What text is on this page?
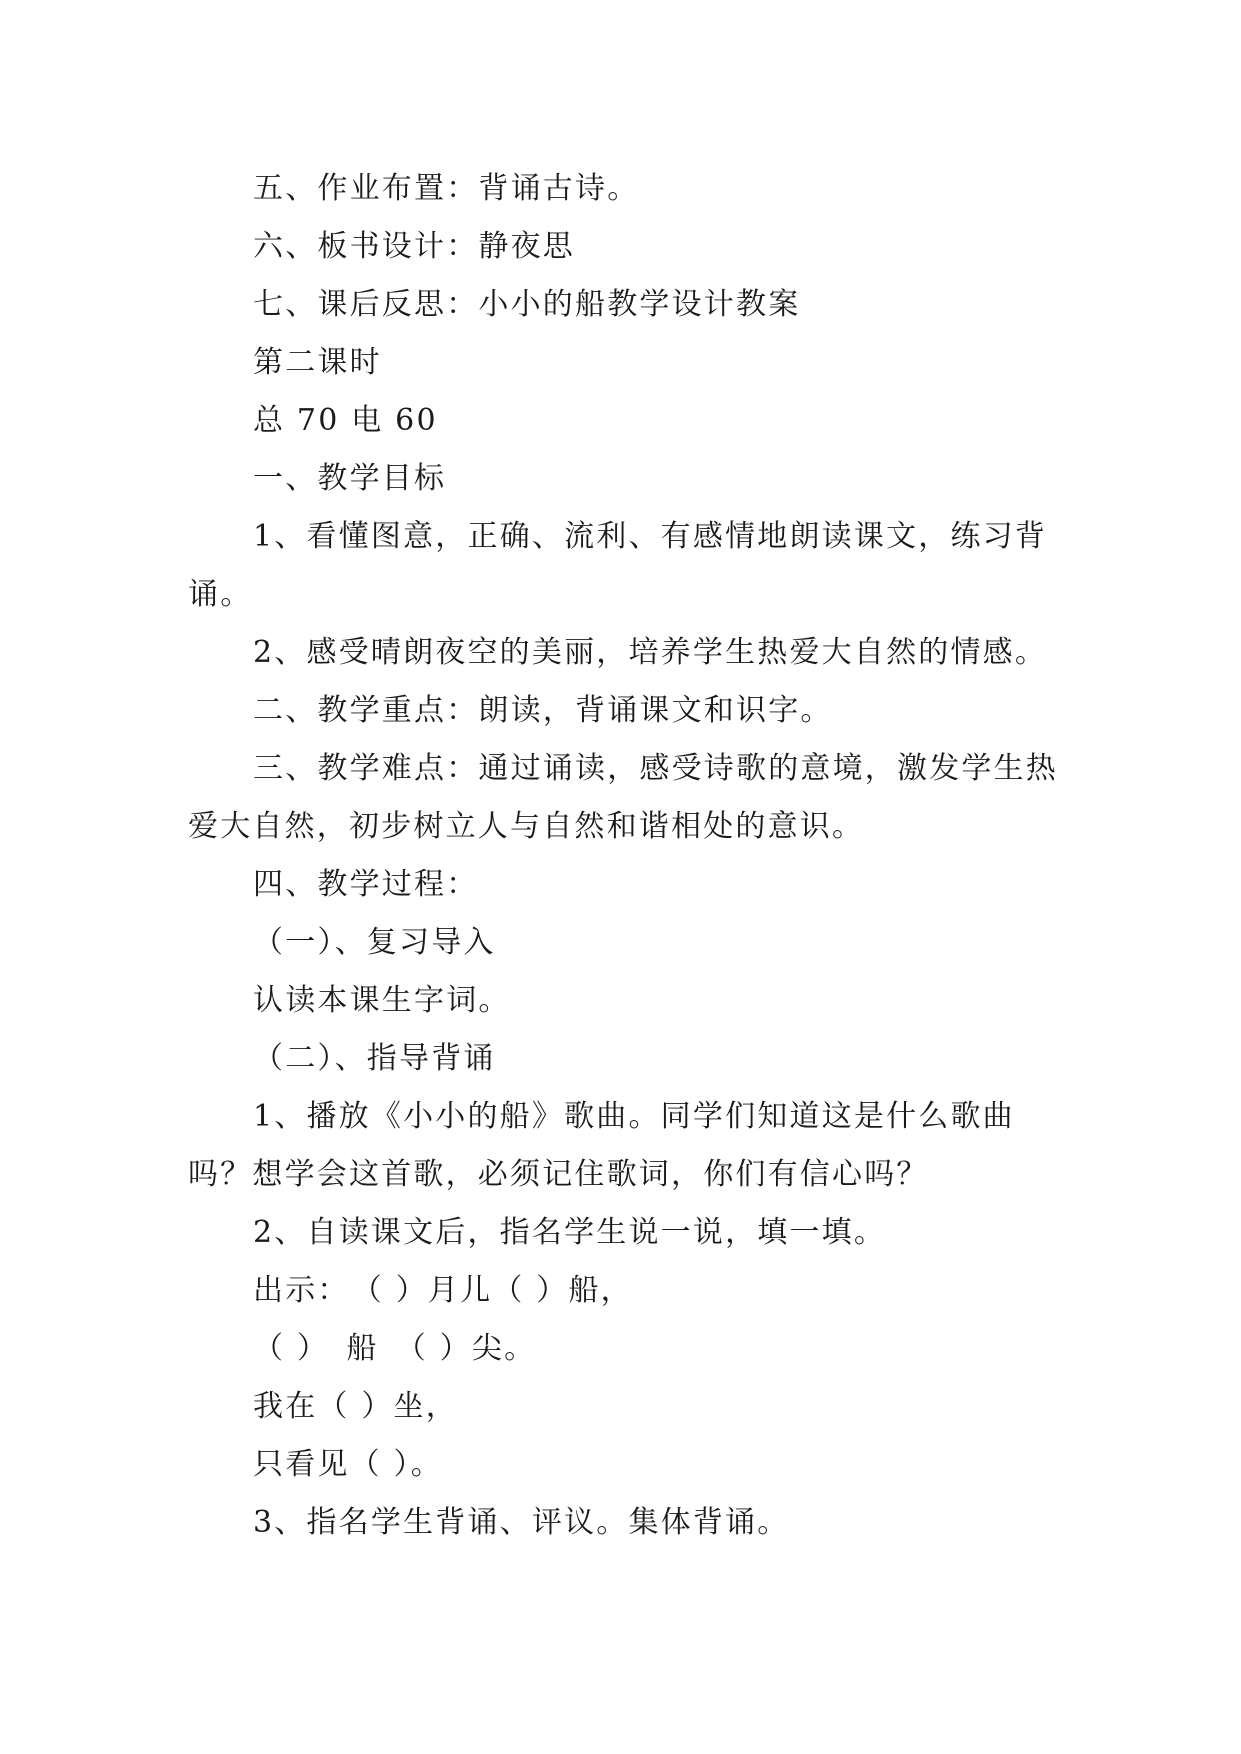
五、作业布置：背诵古诗。

六、板书设计：静夜思

七、课后反思：小小的船教学设计教案

第二课时

总 70 电 60

一、教学目标

1、看懂图意，正确、流利、有感情地朗读课文，练习背诵。

2、感受晴朗夜空的美丽，培养学生热爱大自然的情感。

二、教学重点：朗读，背诵课文和识字。

三、教学难点：通过诵读，感受诗歌的意境，激发学生热爱大自然，初步树立人与自然和谐相处的意识。

四、教学过程：

（一）、复习导入

认读本课生字词。

（二）、指导背诵

1、播放《小小的船》歌曲。同学们知道这是什么歌曲吗？想学会这首歌，必须记住歌词，你们有信心吗？

2、自读课文后，指名学生说一说，填一填。

出示：　（ ）月儿（ ）船，

（ ）　船　（ ）尖。

我在（ ）坐，

只看见（ ）。

3、指名学生背诵、评议。集体背诵。
